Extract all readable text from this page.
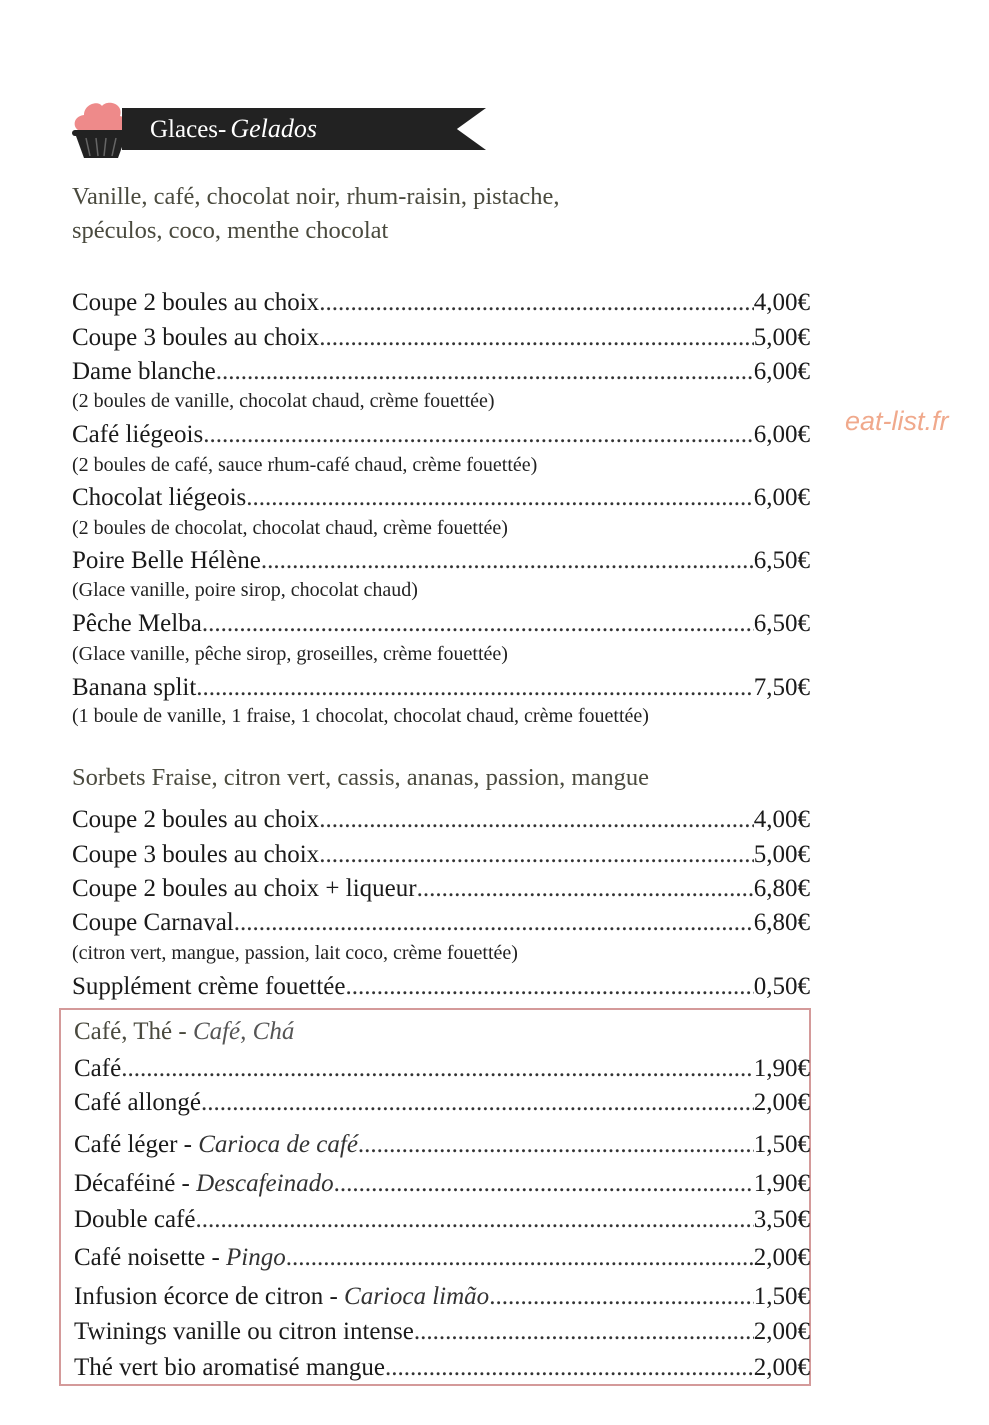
Glaces- Gelados
Vanille, café, chocolat noir, rhum-raisin, pistache,
spéculos, coco, menthe chocolat
Coupe 2 boules au choix .....	4,00€
Coupe 3 boules au choix .....	5,00€
Dame blanche .....	6,00€
(2 boules de vanille, chocolat chaud, crème fouettée)
Café liégeois .....	6,00€
(2 boules de café, sauce rhum-café chaud, crème fouettée)
Chocolat liégeois .....	6,00€
(2 boules de chocolat, chocolat chaud, crème fouettée)
Poire Belle Hélène .....	6,50€
(Glace vanille, poire sirop, chocolat chaud)
Pêche Melba .....	6,50€
(Glace vanille, pêche sirop, groseilles, crème fouettée)
Banana split .....	7,50€
(1 boule de vanille, 1 fraise, 1 chocolat, chocolat chaud, crème fouettée)
Sorbets Fraise, citron vert, cassis, ananas, passion, mangue
Coupe 2 boules au choix .....	4,00€
Coupe 3 boules au choix .....	5,00€
Coupe 2 boules au choix + liqueur .....	6,80€
Coupe Carnaval .....	6,80€
(citron vert, mangue, passion, lait coco, crème fouettée)
Supplément crème fouettée .....	0,50€
Café, Thé - Café, Chá
Café .....	1,90€
Café allongé .....	2,00€
Café léger - Carioca de café .....	1,50€
Décaféiné - Descafeinado .....	1,90€
Double café .....	3,50€
Café noisette - Pingo .....	2,00€
Infusion écorce de citron - Carioca limão .....	1,50€
Twinings vanille ou citron intense .....	2,00€
Thé vert bio aromatisé mangue .....	2,00€
eat-list.fr
